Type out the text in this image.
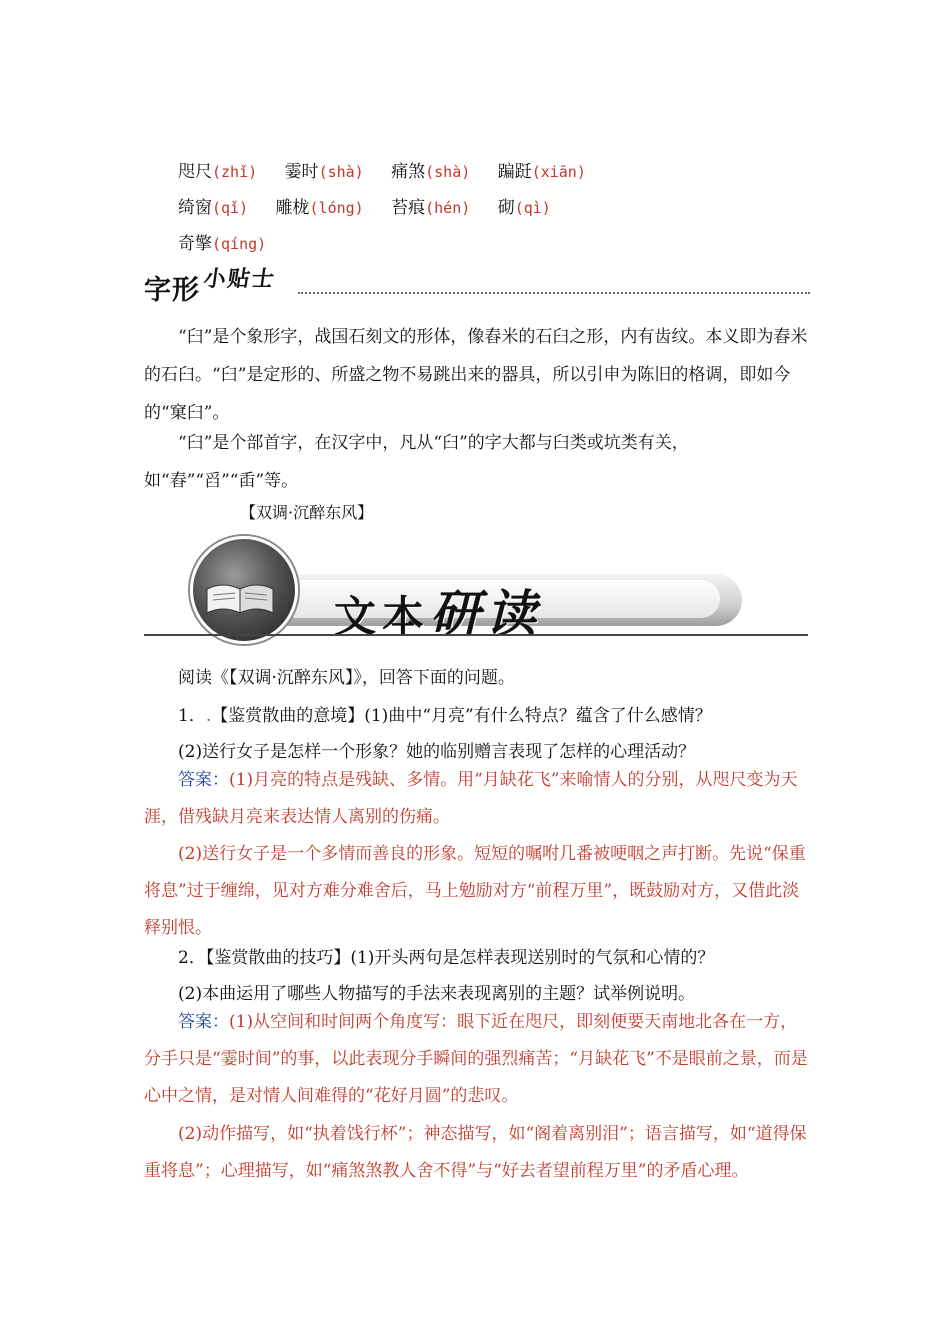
咫尺(zhǐ) 霎时(shà) 痛煞(shà) 蹁跹(xiān)
绮窗(qǐ) 雕栊(lóng) 苔痕(hén) 砌(qì)
奇擎(qíng)
字形 小贴士

“臼”是个象形字，战国石刻文的形体，像舂米的石臼之形，内有齿纹。本义即为舂米的石臼。“臼”是定形的、所盛之物不易跳出来的器具，所以引申为陈旧的格调，即如今的“窠臼”。

“臼”是个部首字，在汉字中，凡从“臼”的字大都与臼类或坑类有关，如“舂”“舀”“臿”等。

【双调·沉醉东风】
文本研读
阅读《【双调·沉醉东风】》，回答下面的问题。
1．.【鉴赏散曲的意境】(1)曲中“月亮”有什么特点？蕴含了什么感情？
(2)送行女子是怎样一个形象？她的临别赠言表现了怎样的心理活动？

答案：(1)月亮的特点是残缺、多情。用“月缺花飞”来喻情人的分别，从咫尺变为天涯，借残缺月亮来表达情人离别的伤痛。

(2)送行女子是一个多情而善良的形象。短短的嘱咐几番被哽咽之声打断。先说“保重将息”过于缠绵，见对方难分难舍后，马上勉励对方“前程万里”，既鼓励对方，又借此淡释别恨。

2．【鉴赏散曲的技巧】(1)开头两句是怎样表现送别时的气氛和心情的？
(2)本曲运用了哪些人物描写的手法来表现离别的主题？试举例说明。

答案：(1)从空间和时间两个角度写：眼下近在咫尺，即刻便要天南地北各在一方，分手只是“霎时间”的事，以此表现分手瞬间的强烈痛苦；“月缺花飞”不是眼前之景，而是心中之情，是对情人间难得的“花好月圆”的悲叹。

(2)动作描写，如“执着饯行杯”；神态描写，如“阁着离别泪”；语言描写，如“道得保重将息”；心理描写，如“痛煞煞教人舍不得”与“好去者望前程万里”的矛盾心理。
